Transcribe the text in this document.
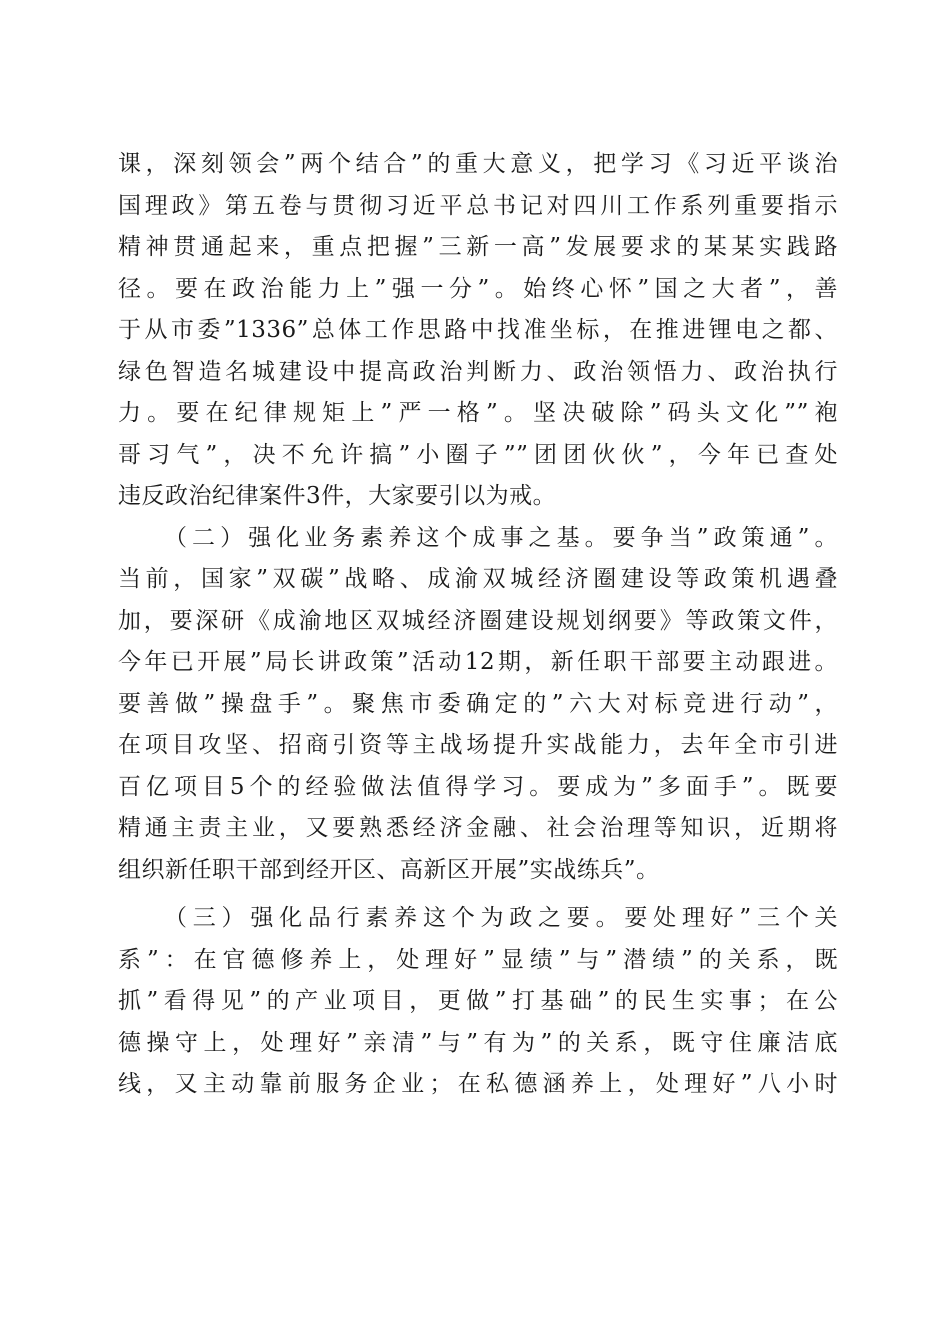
课，深刻领会”两个结合”的重大意义，把学习《习近平谈治
国理政》第五卷与贯彻习近平总书记对四川工作系列重要指示
精神贯通起来，重点把握”三新一高”发展要求的某某实践路
径。要在政治能力上”强一分”。始终心怀”国之大者”，善
于从市委”1336”总体工作思路中找准坐标，在推进锂电之都、
绿色智造名城建设中提高政治判断力、政治领悟力、政治执行
力。要在纪律规矩上”严一格”。坚决破除”码头文化””袍
哥习气”，决不允许搞”小圈子””团团伙伙”，今年已查处
违反政治纪律案件3件，大家要引以为戒。
（二）强化业务素养这个成事之基。要争当”政策通”。
当前，国家”双碳”战略、成渝双城经济圈建设等政策机遇叠
加，要深研《成渝地区双城经济圈建设规划纲要》等政策文件，
今年已开展”局长讲政策”活动12期，新任职干部要主动跟进。
要善做”操盘手”。聚焦市委确定的”六大对标竞进行动”，
在项目攻坚、招商引资等主战场提升实战能力，去年全市引进
百亿项目5个的经验做法值得学习。要成为”多面手”。既要
精通主责主业，又要熟悉经济金融、社会治理等知识，近期将
组织新任职干部到经开区、高新区开展”实战练兵”。
（三）强化品行素养这个为政之要。要处理好”三个关
系”：在官德修养上，处理好”显绩”与”潜绩”的关系，既
抓”看得见”的产业项目，更做”打基础”的民生实事；在公
德操守上，处理好”亲清”与”有为”的关系，既守住廉洁底
线，又主动靠前服务企业；在私德涵养上，处理好”八小时
